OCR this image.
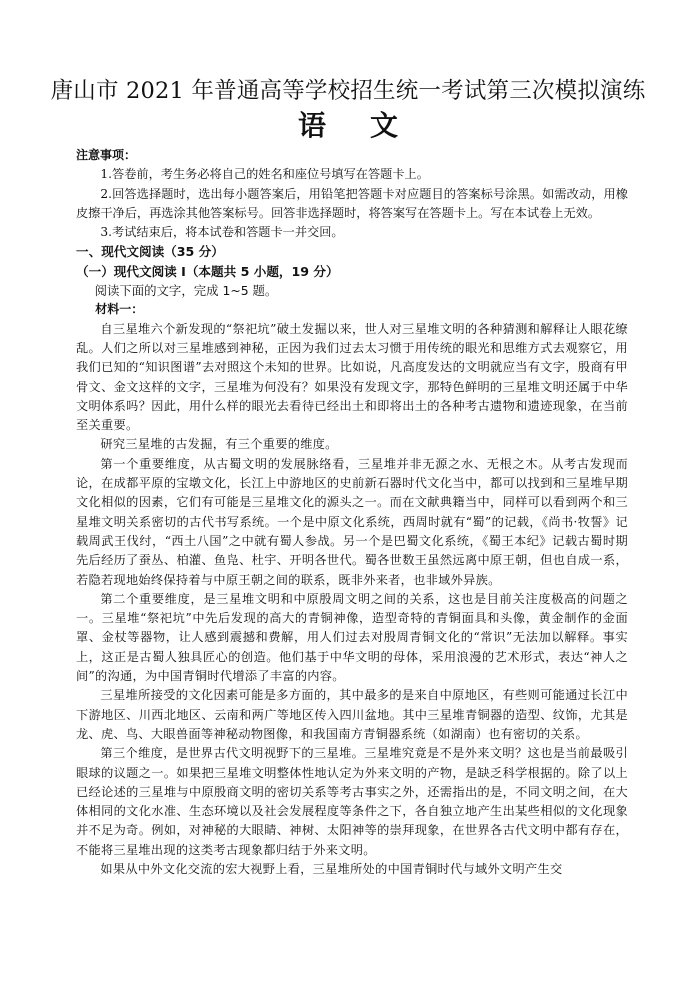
唐山市 2021 年普通高等学校招生统一考试第三次模拟演练
语文

注意事项：

1.答卷前，考生务必将自己的姓名和座位号填写在答题卡上。

2.回答选择题时，选出每小题答案后，用铅笔把答题卡对应题目的答案标号涂黑。如需改动，用橡皮擦干净后，再选涂其他答案标号。回答非选择题时，将答案写在答题卡上。写在本试卷上无效。

3.考试结束后，将本试卷和答题卡一并交回。

一、现代文阅读（35 分）

（一）现代文阅读 I（本题共 5 小题，19 分）

阅读下面的文字，完成 1~5 题。

材料一：

自三星堆六个新发现的“祭祀坑”破土发掘以来，世人对三星堆文明的各种猜测和解释让人眼花缭乱。人们之所以对三星堆感到神秘，正因为我们过去太习惯于用传统的眼光和思维方式去观察它，用我们已知的“知识图谱”去对照这个未知的世界。比如说，凡高度发达的文明就应当有文字，殷商有甲骨文、金文这样的文字，三星堆为何没有？如果没有发现文字，那特色鲜明的三星堆文明还属于中华文明体系吗？因此，用什么样的眼光去看待已经出土和即将出土的各种考古遗物和遗迹现象，在当前至关重要。

研究三星堆的古发掘，有三个重要的维度。

第一个重要维度，从古蜀文明的发展脉络看，三星堆并非无源之水、无根之木。从考古发现而论，在成都平原的宝墩文化，长江上中游地区的史前新石器时代文化当中，都可以找到和三星堆早期文化相似的因素，它们有可能是三星堆文化的源头之一。而在文献典籍当中，同样可以看到两个和三星堆文明关系密切的古代书写系统。一个是中原文化系统，西周时就有“蜀”的记载，《尚书·牧誓》记载周武王伐纣，“西土八国”之中就有蜀人参战。另一个是巴蜀文化系统，《蜀王本纪》记载古蜀时期先后经历了蚕丛、柏灌、鱼凫、杜宇、开明各世代。蜀各世数王虽然远离中原王朝，但也自成一系，若隐若现地始终保持着与中原王朝之间的联系，既非外来者，也非域外异族。

第二个重要维度，是三星堆文明和中原殷周文明之间的关系，这也是目前关注度极高的问题之一。三星堆“祭祀坑”中先后发现的高大的青铜神像，造型奇特的青铜面具和头像，黄金制作的金面罩、金杖等器物，让人感到震撼和费解，用人们过去对殷周青铜文化的“常识”无法加以解释。事实上，这正是古蜀人独具匠心的创造。他们基于中华文明的母体，采用浪漫的艺术形式，表达“神人之间”的沟通，为中国青铜时代增添了丰富的内容。

三星堆所接受的文化因素可能是多方面的，其中最多的是来自中原地区，有些则可能通过长江中下游地区、川西北地区、云南和两广等地区传入四川盆地。其中三星堆青铜器的造型、纹饰，尤其是龙、虎、鸟、大眼兽面等神秘动物图像，和我国南方青铜器系统（如湖南）也有密切的关系。

第三个维度，是世界古代文明视野下的三星堆。三星堆究竟是不是外来文明？这也是当前最吸引眼球的议题之一。如果把三星堆文明整体性地认定为外来文明的产物，是缺乏科学根据的。除了以上已经论述的三星堆与中原殷商文明的密切关系等考古事实之外，还需指出的是，不同文明之间，在大体相同的文化水准、生态环境以及社会发展程度等条件之下，各自独立地产生出某些相似的文化现象并不足为奇。例如，对神秘的大眼睛、神树、太阳神等的崇拜现象，在世界各古代文明中都有存在，不能将三星堆出现的这类考古现象都归结于外来文明。

如果从中外文化交流的宏大视野上看，三星堆所处的中国青铜时代与域外文明产生交
